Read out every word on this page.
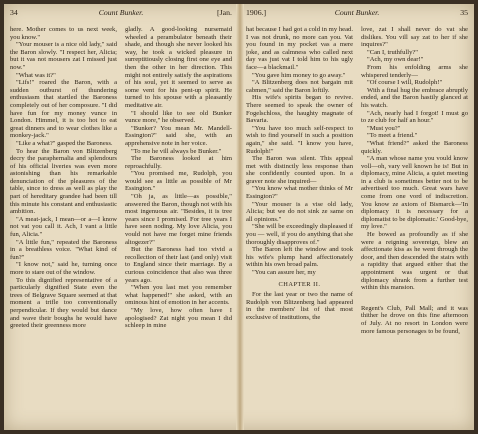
34	Count Bunker.	[Jan.

here. Mother comes to us next week, you know."

"Your mouser is a nice old lady," said the Baron slowly. "I respect her, Alicia; but it vas not mousers zat I missed just now."

"What was it?"

"Lifs!" roared the Baron, with a sudden outburst of thundering enthusiasm that startled the Baroness completely out of her composure. "I did have fun for my money vunce in London. Himmel, it is too hot to eat great dinners and to wear clothes like a monkey-jack."

"Like a what?" gasped the Baroness.

To hear the Baron von Blitzenberg decry the paraphernalia and splendours of his official liveries was even more astonishing than his remarkable denunciation of the pleasures of the table, since to dress as well as play the part of hereditary grandee had been till this minute his constant and enthusiastic ambition.

"A meat-jack, I mean—or a—I know not vat you call it. Ach, I vant a little fun, Alicia."

"A little fun," repeated the Baroness in a breathless voice. "What kind of fun?"

"I know not," said he, turning once more to stare out of the window.

To this dignified representative of a particularly dignified State even the trees of Belgrave Square seemed at that moment a trifle too conventionally perpendicular. If they would but dance and wave their boughs he would have greeted their greenness more

gladly. A good-looking nursemaid wheeled a perambulator beneath their shade, and though she never looked his way, he took a wicked pleasure in surreptitiously closing first one eye and then the other in her direction. This might not entirely satisfy the aspirations of his soul, yet it seemed to serve as some vent for his pent-up spirit. He turned to his spouse with a pleasantly meditative air.

"I should like to see old Bunker vunce more," he observed.

"Bunker? You mean Mr. Mandell-Essington?" said she, with an apprehensive note in her voice.

"To me he vill always be Bunker."

The Baroness looked at him reproachfully.

"You promised me, Rudolph, you would see as little as possible of Mr Essington."

"Oh ja, as little—as possible," answered the Baron, though not with his most ingenuous air. "Besides, it is tree years since I promised. For tree years I have seen noding. My love Alicia, you vould not have me forget mine friends altogezer?"

But the Baroness had too vivid a recollection of their last (and only) visit to England since their marriage. By a curious coincidence that also was three years ago.

"When you last met you remember what happened!" she asked, with an ominous hint of emotion in her accents.

"My love, how often have I apologised? Zat night you mean I did schleep in mine

1906.]	Count Bunker.	35

hat because I had got a cold in my head. I vas not drunk, no more can you. Vat you found in my pocket vas a mere joke, and as calmness who called next day vas just vat I told him to his ugly face—a blackmail."

"You gave him money to go away."

"A Blitzenberg does not bargain mit cabmen," said the Baron loftily.

His wife's spirits began to revive. There seemed to speak the owner of Fogelschloss, the haughty magnate of Bavaria.

"You have too much self-respect to wish to find yourself in such a position again," she said. "I know you have, Rudolph!"

The Baron was silent. This appeal met with distinctly less response than she confidently counted upon. In a graver note she inquired—

"You know what mother thinks of Mr Essington?"

"Your mouser is a vise old lady, Alicia; but we do not sink ze same on all opinions."

"She will be exceedingly displeased if you — well, if you do anything that she thoroughly disapproves of."

The Baron left the window and took his wife's plump hand affectionately within his own broad palm.

"You can assure her, my

CHAPTER II.

For the last year or two the name of Rudolph von Blitzenberg had appeared in the members' list of that most exclusive of institutions, the

love, zat I shall never do vat she dislikes. You vill say zat to her if she inquires?"

"Can I, truthfully?"

"Ach, my own dear!"

From his enfolding arms she whispered tenderly—

"Of course I will, Rudolph!"

With a final hug the embrace abruptly ended, and the Baron hastily glanced at his watch.

"Ach, nearly had I forgot! I must go to ze club for half an hour."

"Must you?"

"To meet a friend."

"What friend?" asked the Baroness quickly.

"A man whose name you vould know voll—oh, vary vell known he is! But in diplomacy, mine Alicia, a quiet meeting in a club is sometimes better not to be advertised too much. Great wars have come from one vord of indiscretion. You know ze axiom of Bismarck—'In diplomacy it is necessary for a diplomatist to be diplomatic.' Good-bye, my love."

He bowed as profoundly as if she were a reigning sovereign, blew an affectionate kiss as he went through the door, and then descended the stairs with a rapidity that argued either that the appointment was urgent or that diplomacy shrank from a further test within this mansion.

Regent's Club, Pall Mall; and it was thither he drove on this fine afternoon of July. At no resort in London were more famous personages to be found,
